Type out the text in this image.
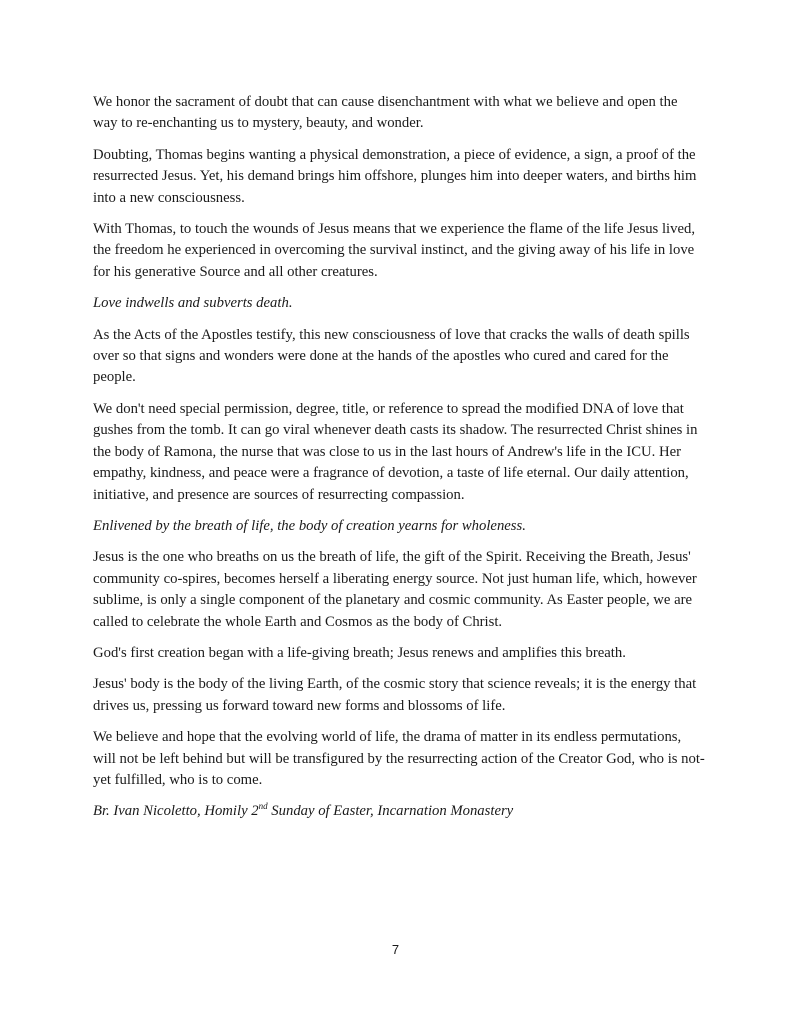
We honor the sacrament of doubt that can cause disenchantment with what we believe and open the way to re-enchanting us to mystery, beauty, and wonder.

Doubting, Thomas begins wanting a physical demonstration, a piece of evidence, a sign, a proof of the resurrected Jesus. Yet, his demand brings him offshore, plunges him into deeper waters, and births him into a new consciousness.

With Thomas, to touch the wounds of Jesus means that we experience the flame of the life Jesus lived, the freedom he experienced in overcoming the survival instinct, and the giving away of his life in love for his generative Source and all other creatures.

Love indwells and subverts death.

As the Acts of the Apostles testify, this new consciousness of love that cracks the walls of death spills over so that signs and wonders were done at the hands of the apostles who cured and cared for the people.

We don't need special permission, degree, title, or reference to spread the modified DNA of love that gushes from the tomb. It can go viral whenever death casts its shadow. The resurrected Christ shines in the body of Ramona, the nurse that was close to us in the last hours of Andrew's life in the ICU. Her empathy, kindness, and peace were a fragrance of devotion, a taste of life eternal. Our daily attention, initiative, and presence are sources of resurrecting compassion.

Enlivened by the breath of life, the body of creation yearns for wholeness.

Jesus is the one who breaths on us the breath of life, the gift of the Spirit. Receiving the Breath, Jesus' community co-spires, becomes herself a liberating energy source. Not just human life, which, however sublime, is only a single component of the planetary and cosmic community. As Easter people, we are called to celebrate the whole Earth and Cosmos as the body of Christ.

God's first creation began with a life-giving breath; Jesus renews and amplifies this breath.

Jesus' body is the body of the living Earth, of the cosmic story that science reveals; it is the energy that drives us, pressing us forward toward new forms and blossoms of life.

We believe and hope that the evolving world of life, the drama of matter in its endless permutations, will not be left behind but will be transfigured by the resurrecting action of the Creator God, who is not-yet fulfilled, who is to come.

Br. Ivan Nicoletto, Homily 2nd Sunday of Easter, Incarnation Monastery

7
